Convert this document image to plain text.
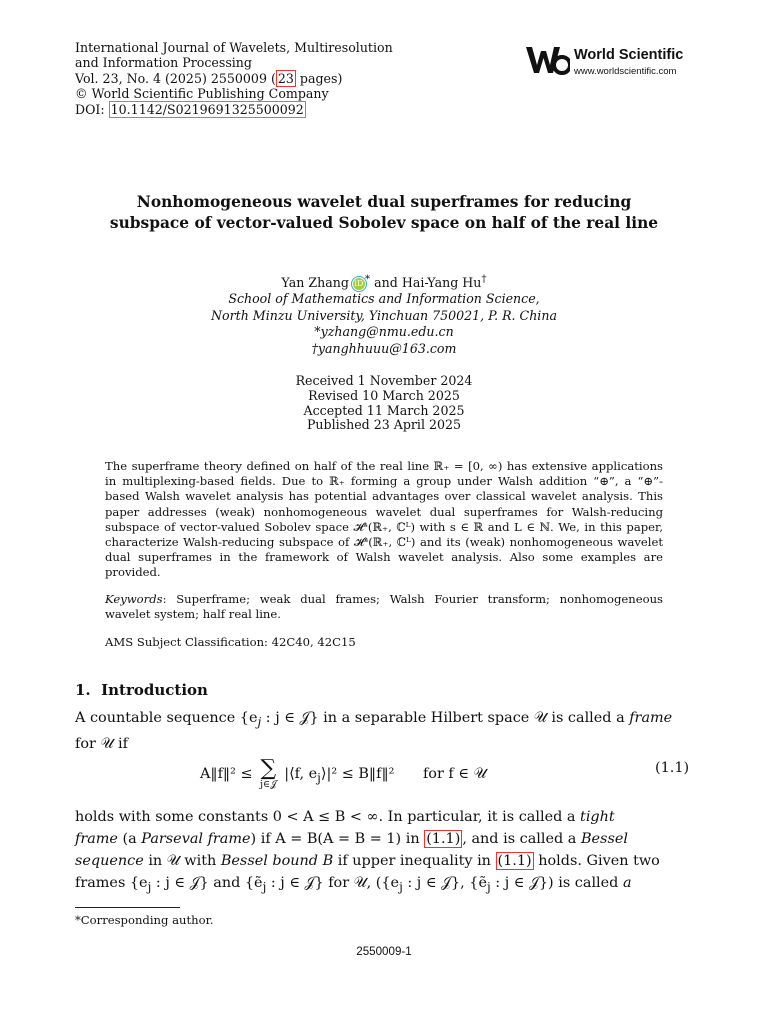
International Journal of Wavelets, Multiresolution
and Information Processing
Vol. 23, No. 4 (2025) 2550009 ( 23 pages)
© World Scientific Publishing Company
DOI: 10.1142/S0219691325500092
World Scientific
www.worldscientific.com
Nonhomogeneous wavelet dual superframes for reducing
subspace of vector-valued Sobolev space on half of the real line
Yan Zhang iD * and Hai-Yang Hu†
School of Mathematics and Information Science,
North Minzu University, Yinchuan 750021, P. R. China
*yzhang@nmu.edu.cn
†yanghhuuu@163.com
Received 1 November 2024
Revised 10 March 2025
Accepted 11 March 2025
Published 23 April 2025
The superframe theory defined on half of the real line ℝ₊ = [0, ∞) has extensive applications in multiplexing-based fields. Due to ℝ₊ forming a group under Walsh addition “⊕”, a “⊕”-based Walsh wavelet analysis has potential advantages over classical wavelet analysis. This paper addresses (weak) nonhomogeneous wavelet dual superframes for Walsh-reducing subspace of vector-valued Sobolev space 𝓗ˢ(ℝ₊, ℂᴸ) with s ∈ ℝ and L ∈ ℕ. We, in this paper, characterize Walsh-reducing subspace of 𝓗ˢ(ℝ₊, ℂᴸ) and its (weak) nonhomogeneous wavelet dual superframes in the framework of Walsh wavelet analysis. Also some examples are provided.
Keywords: Superframe; weak dual frames; Walsh Fourier transform; nonhomogeneous wavelet system; half real line.
AMS Subject Classification: 42C40, 42C15
1. Introduction
A countable sequence {$e_j$ : j ∈ 𝒥} in a separable Hilbert space 𝒰 is called a frame
for 𝒰 if
A‖f‖² ≤ ∑
j∈𝒥
|⟨f, $e_j⟩|^2$ ≤ B‖f‖² for f ∈ 𝒰	(1.1)
holds with some constants 0 < A ≤ B < ∞. In particular, it is called a tight
frame (a Parseval frame) if A = B(A = B = 1) in (1.1) , and is called a Bessel
sequence in 𝒰 with Bessel bound B if upper inequality in (1.1) holds. Given two
frames {$e_j$ : j ∈ 𝒥} and {ẽ$_j$ : j ∈ 𝒥} for 𝒰, ({$e_j$ : j ∈ 𝒥}, {ẽ$_j$ : j ∈ 𝒥}) is called a
*Corresponding author.
2550009-1
